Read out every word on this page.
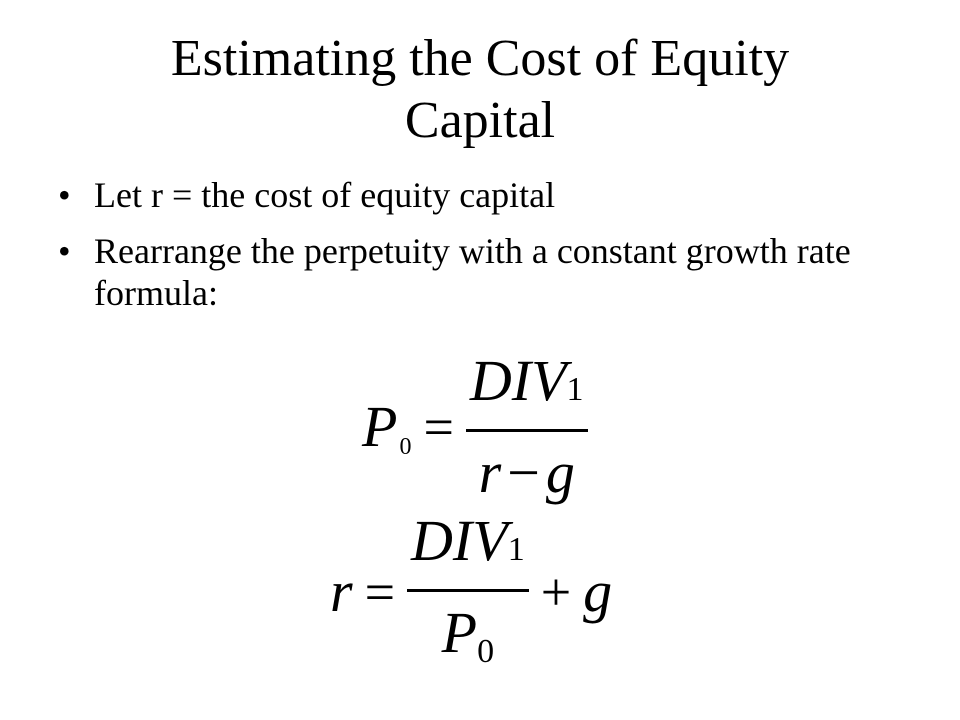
Estimating the Cost of Equity
Capital
• Let r = the cost of equity capital
• Rearrange the perpetuity with a constant growth rate formula:
P $0 = \frac{\text{DIV 1}}{r - g}$
$r = \frac{\text{DIV 1}}{P 0} + g$
